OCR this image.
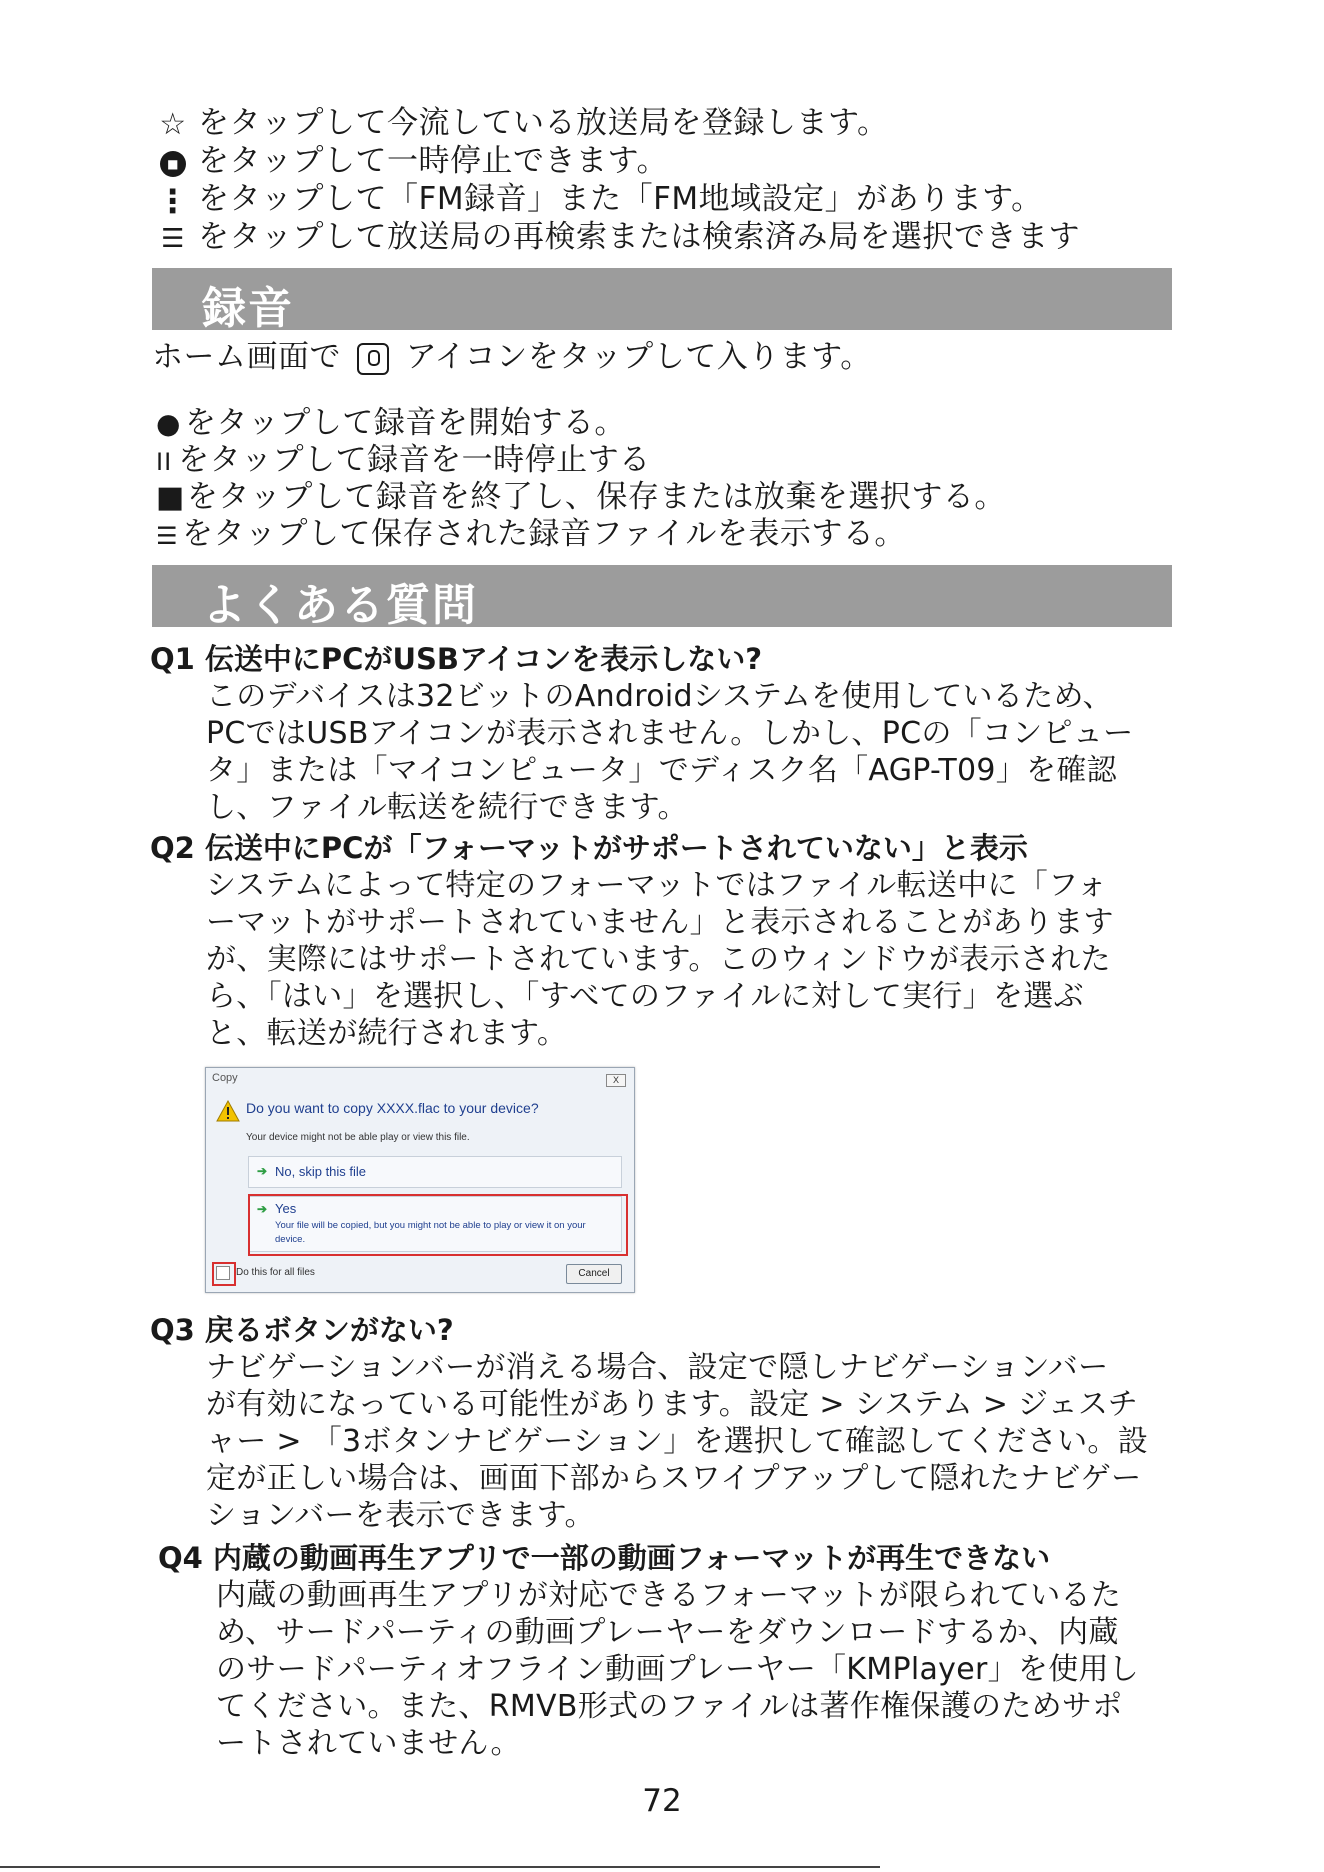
☆ をタップして今流している放送局を登録します。
■ をタップして一時停止できます。
⋮ をタップして「FM録音」また「FM地域設定」があります。
☰ をタップして放送局の再検索または検索済み局を選択できます
録音
ホーム画面で アイコンをタップして入ります。
● をタップして録音を開始する。
II をタップして録音を一時停止する
■をタップして録音を終了し、保存または放棄を選択する。
☰ をタップして保存された録音ファイルを表示する。
よくある質問
Q1 伝送中にPCがUSBアイコンを表示しない?
このデバイスは32ビットのAndroidシステムを使用しているため、
PCではUSBアイコンが表示されません。しかし、PCの「コンピュー
タ」または「マイコンピュータ」でディスク名「AGP-T09」を確認
し、ファイル転送を続行できます。
Q2 伝送中にPCが「フォーマットがサポートされていない」と表示
システムによって特定のフォーマットではファイル転送中に「フォ
ーマットがサポートされていません」と表示されることがあります
が、実際にはサポートされています。このウィンドウが表示された
ら、「はい」を選択し、「すべてのファイルに対して実行」を選ぶ
と、転送が続行されます。
Copy	X
Do you want to copy XXXX.flac to your device?
Your device might not be able play or view this file.
➔ No, skip this file
➔ Yes
Your file will be copied, but you might not be able to play or view it on your device.
Do this for all files	Cancel
Q3 戻るボタンがない?
ナビゲーションバーが消える場合、設定で隠しナビゲーションバー
が有効になっている可能性があります。設定 > システム > ジェスチ
ャー > 「3ボタンナビゲーション」を選択して確認してください。設
定が正しい場合は、画面下部からスワイプアップして隠れたナビゲー
ションバーを表示できます。
Q4 内蔵の動画再生アプリで一部の動画フォーマットが再生できない
内蔵の動画再生アプリが対応できるフォーマットが限られているた
め、サードパーティの動画プレーヤーをダウンロードするか、内蔵
のサードパーティオフライン動画プレーヤー「KMPlayer」を使用し
てください。また、RMVB形式のファイルは著作権保護のためサポ
ートされていません。
72
